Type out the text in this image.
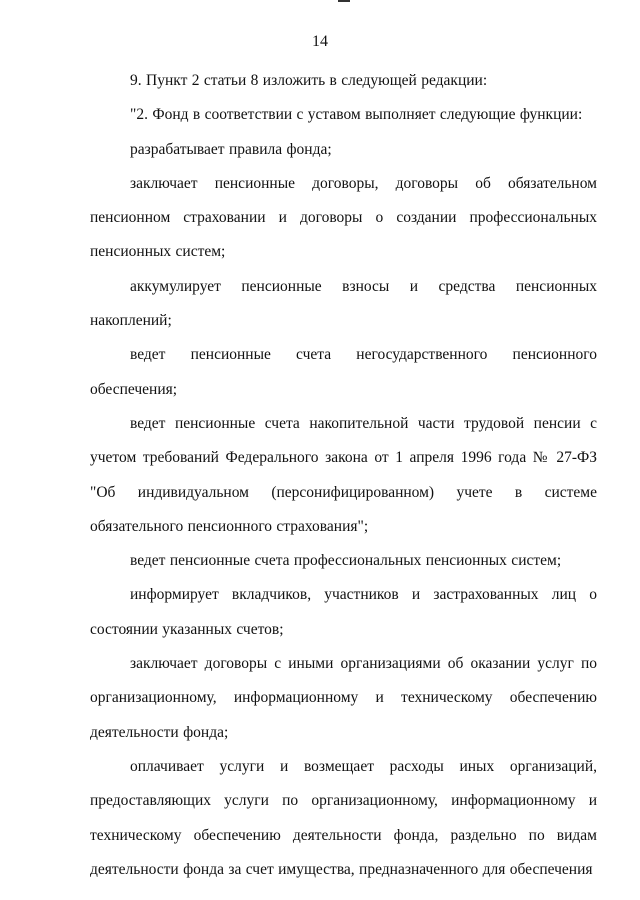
14

9. Пункт 2 статьи 8 изложить в следующей редакции:

"2. Фонд в соответствии с уставом выполняет следующие функции:

разрабатывает правила фонда;

заключает пенсионные договоры, договоры об обязательном пенсионном страховании и договоры о создании профессиональных пенсионных систем;

аккумулирует пенсионные взносы и средства пенсионных накоплений;

ведет пенсионные счета негосударственного пенсионного обеспечения;

ведет пенсионные счета накопительной части трудовой пенсии с учетом требований Федерального закона от 1 апреля 1996 года № 27-ФЗ "Об индивидуальном (персонифицированном) учете в системе обязательного пенсионного страхования";

ведет пенсионные счета профессиональных пенсионных систем;

информирует вкладчиков, участников и застрахованных лиц о состоянии указанных счетов;

заключает договоры с иными организациями об оказании услуг по организационному, информационному и техническому обеспечению деятельности фонда;

оплачивает услуги и возмещает расходы иных организаций, предоставляющих услуги по организационному, информационному и техническому обеспечению деятельности фонда, раздельно по видам деятельности фонда за счет имущества, предназначенного для обеспечения
